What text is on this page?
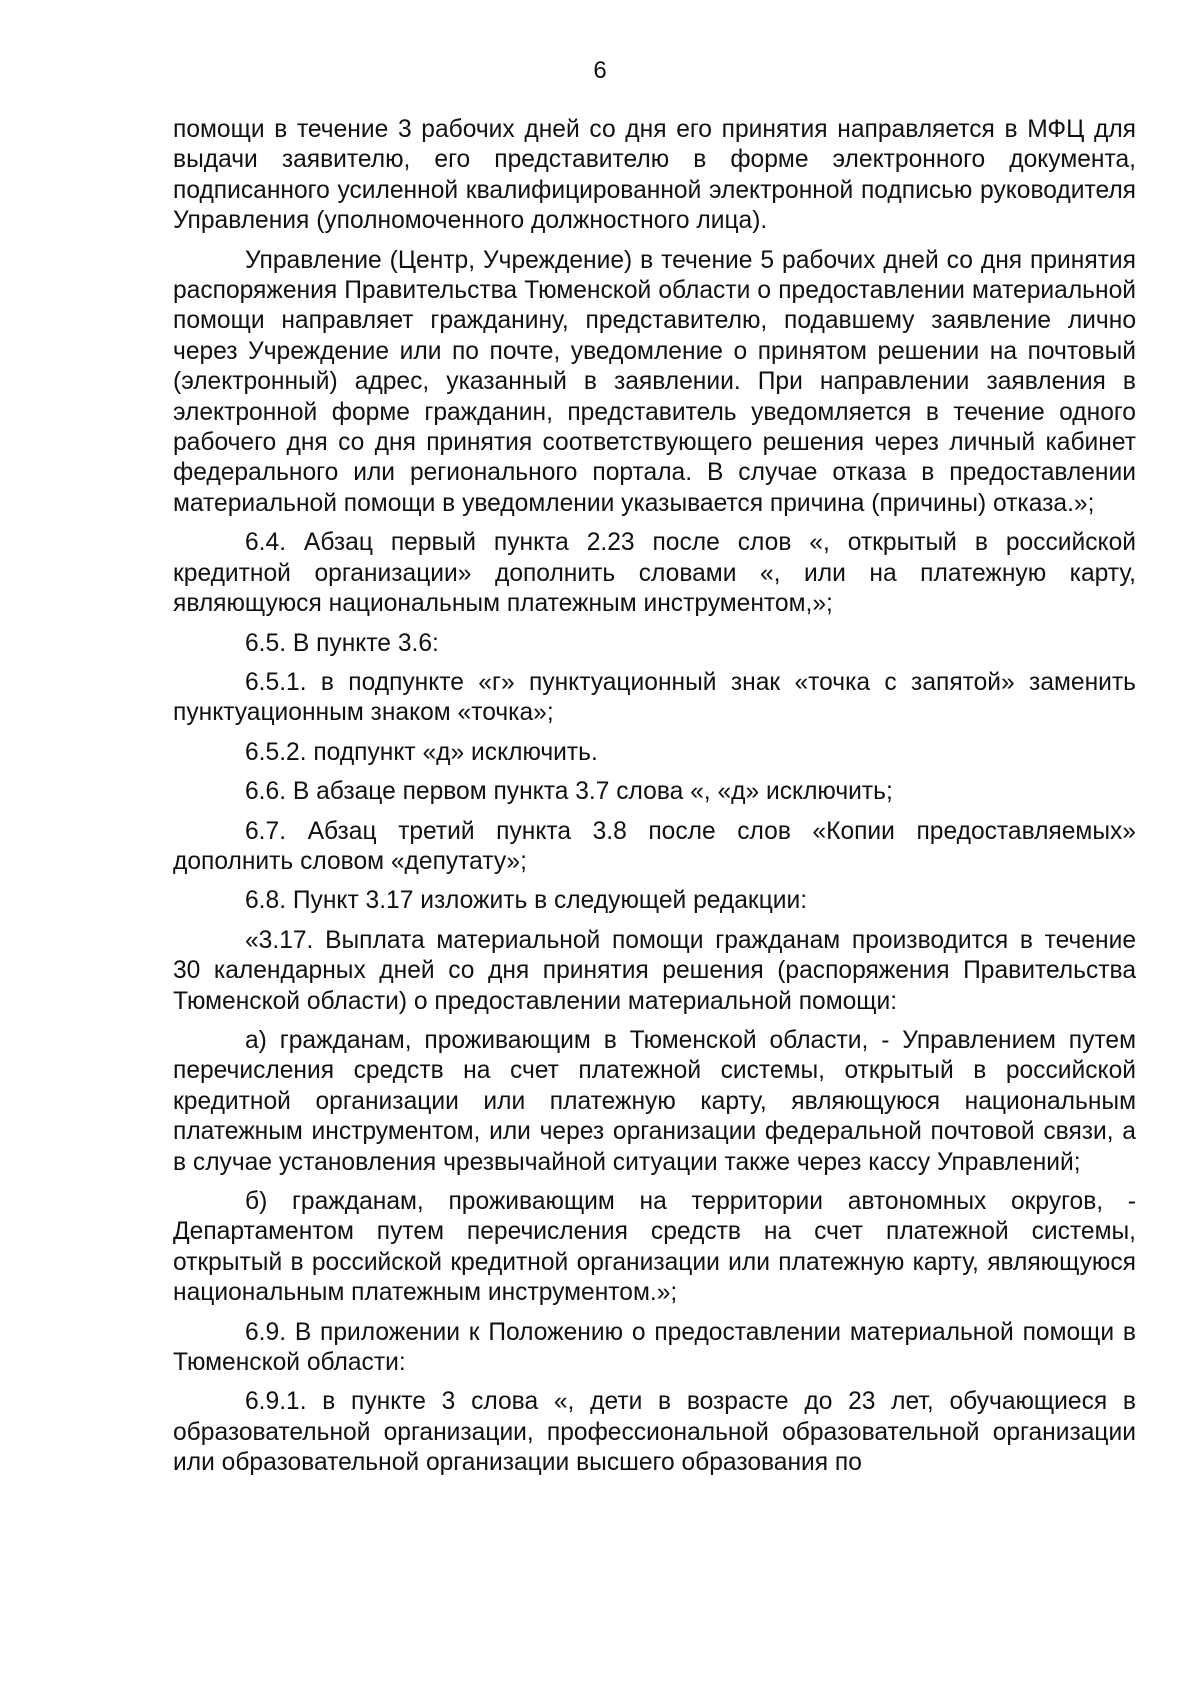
6

помощи в течение 3 рабочих дней со дня его принятия направляется в МФЦ для выдачи заявителю, его представителю в форме электронного документа, подписанного усиленной квалифицированной электронной подписью руководителя Управления (уполномоченного должностного лица).

Управление (Центр, Учреждение) в течение 5 рабочих дней со дня принятия распоряжения Правительства Тюменской области о предоставлении материальной помощи направляет гражданину, представителю, подавшему заявление лично через Учреждение или по почте, уведомление о принятом решении на почтовый (электронный) адрес, указанный в заявлении. При направлении заявления в электронной форме гражданин, представитель уведомляется в течение одного рабочего дня со дня принятия соответствующего решения через личный кабинет федерального или регионального портала. В случае отказа в предоставлении материальной помощи в уведомлении указывается причина (причины) отказа.»;

6.4. Абзац первый пункта 2.23 после слов «, открытый в российской кредитной организации» дополнить словами «, или на платежную карту, являющуюся национальным платежным инструментом,»;

6.5. В пункте 3.6:

6.5.1. в подпункте «г» пунктуационный знак «точка с запятой» заменить пунктуационным знаком «точка»;

6.5.2. подпункт «д» исключить.

6.6. В абзаце первом пункта 3.7 слова «, «д» исключить;

6.7. Абзац третий пункта 3.8 после слов «Копии предоставляемых» дополнить словом «депутату»;

6.8. Пункт 3.17 изложить в следующей редакции:

«3.17. Выплата материальной помощи гражданам производится в течение 30 календарных дней со дня принятия решения (распоряжения Правительства Тюменской области) о предоставлении материальной помощи:

а) гражданам, проживающим в Тюменской области, - Управлением путем перечисления средств на счет платежной системы, открытый в российской кредитной организации или платежную карту, являющуюся национальным платежным инструментом, или через организации федеральной почтовой связи, а в случае установления чрезвычайной ситуации также через кассу Управлений;

б) гражданам, проживающим на территории автономных округов, - Департаментом путем перечисления средств на счет платежной системы, открытый в российской кредитной организации или платежную карту, являющуюся национальным платежным инструментом.»;

6.9. В приложении к Положению о предоставлении материальной помощи в Тюменской области:

6.9.1. в пункте 3 слова «, дети в возрасте до 23 лет, обучающиеся в образовательной организации, профессиональной образовательной организации или образовательной организации высшего образования по
